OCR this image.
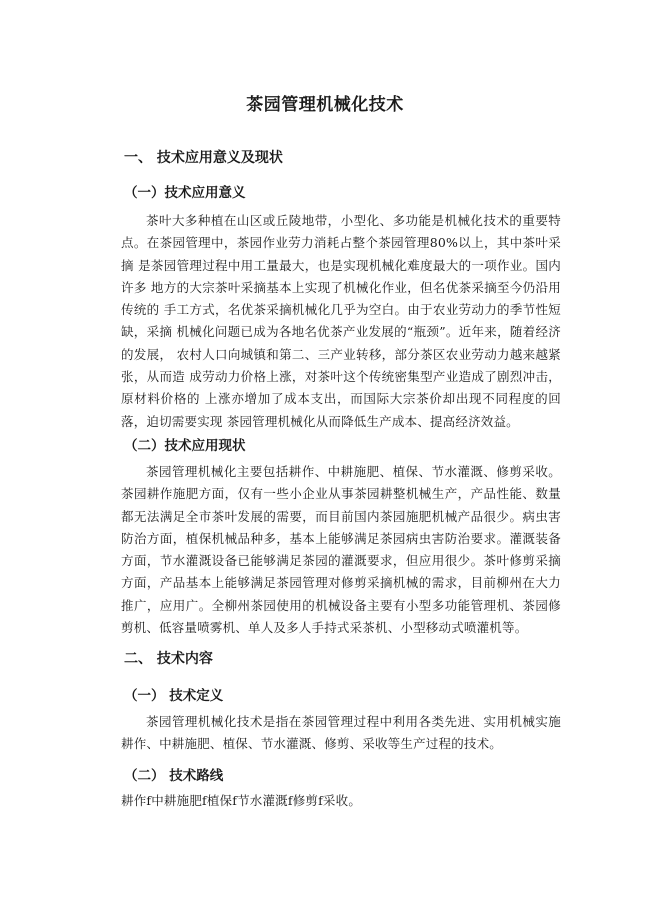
茶园管理机械化技术
一、 技术应用意义及现状
（一）技术应用意义

茶叶大多种植在山区或丘陵地带，小型化、多功能是机械化技术的重要特 点。在茶园管理中，茶园作业劳力消耗占整个茶园管理80%以上，其中茶叶采摘 是茶园管理过程中用工量最大，也是实现机械化难度最大的一项作业。国内许多 地方的大宗茶叶采摘基本上实现了机械化作业，但名优茶采摘至今仍沿用传统的 手工方式，名优茶采摘机械化几乎为空白。由于农业劳动力的季节性短缺，采摘 机械化问题已成为各地名优茶产业发展的“瓶颈”。近年来，随着经济的发展， 农村人口向城镇和第二、三产业转移，部分茶区农业劳动力越来越紧张，从而造 成劳动力价格上涨，对茶叶这个传统密集型产业造成了剧烈冲击，原材料价格的 上涨亦增加了成本支出，而国际大宗茶价却出现不同程度的回落，迫切需要实现 茶园管理机械化从而降低生产成本、提高经济效益。

（二）技术应用现状

茶园管理机械化主要包括耕作、中耕施肥、植保、节水灌溉、修剪采收。茶园耕作施肥方面，仅有一些小企业从事茶园耕整机械生产，产品性能、数量都无法满足全市茶叶发展的需要，而目前国内茶园施肥机械产品很少。病虫害防治方面，植保机械品种多，基本上能够满足茶园病虫害防治要求。灌溉装备方面，节水灌溉设备已能够满足茶园的灌溉要求，但应用很少。茶叶修剪采摘方面，产品基本上能够满足茶园管理对修剪采摘机械的需求，目前柳州在大力推广，应用广。全柳州茶园使用的机械设备主要有小型多功能管理机、茶园修剪机、低容量喷雾机、单人及多人手持式采茶机、小型移动式喷灌机等。

二、 技术内容
（一） 技术定义

茶园管理机械化技术是指在茶园管理过程中利用各类先进、实用机械实施耕作、中耕施肥、植保、节水灌溉、修剪、采收等生产过程的技术。

（二） 技术路线

耕作f中耕施肥f植保f节水灌溉f修剪f采收。
